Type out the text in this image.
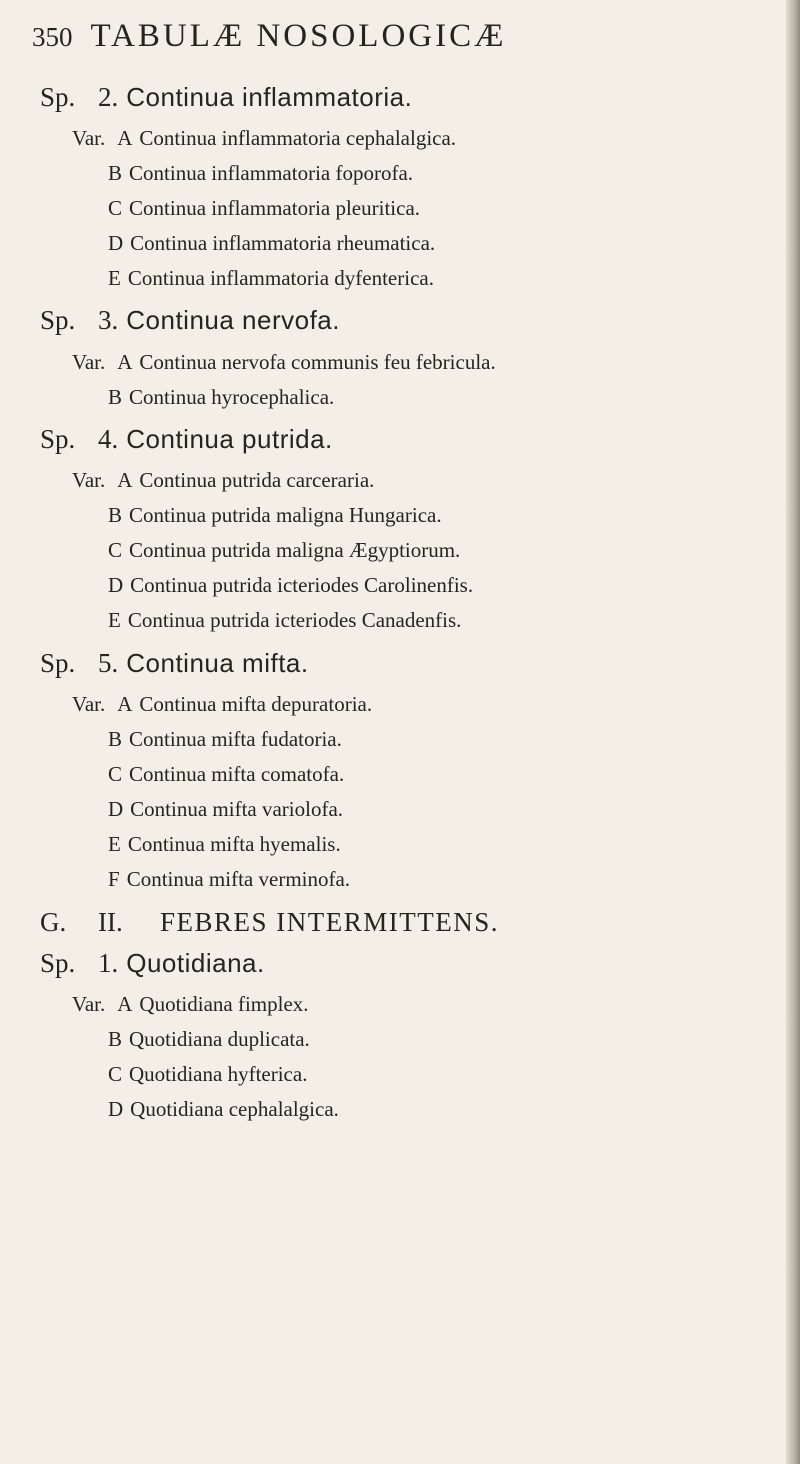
350 TABULÆ NOSOLOGICÆ
Sp. 2. Continua inflammatoria.
Var. A Continua inflammatoria cephalalgica.
B Continua inflammatoria foporofa.
C Continua inflammatoria pleuritica.
D Continua inflammatoria rheumatica.
E Continua inflammatoria dyfenterica.
Sp. 3. Continua nervofa.
Var. A Continua nervofa communis feu febricula.
B Continua hyrocephalica.
Sp. 4. Continua putrida.
Var. A Continua putrida carceraria.
B Continua putrida maligna Hungarica.
C Continua putrida maligna Ægyptiorum.
D Continua putrida icteriodes Carolinenfis.
E Continua putrida icteriodes Canadenfis.
Sp. 5. Continua mifta.
Var. A Continua mifta depuratoria.
B Continua mifta fudatoria.
C Continua mifta comatofa.
D Continua mifta variolofa.
E Continua mifta hyemalis.
F Continua mifta verminofa.
G. II. FEBRES INTERMITTENS.
Sp. 1. Quotidiana.
Var. A Quotidiana fimplex.
B Quotidiana duplicata.
C Quotidiana hyfterica.
D Quotidiana cephalalgica.
